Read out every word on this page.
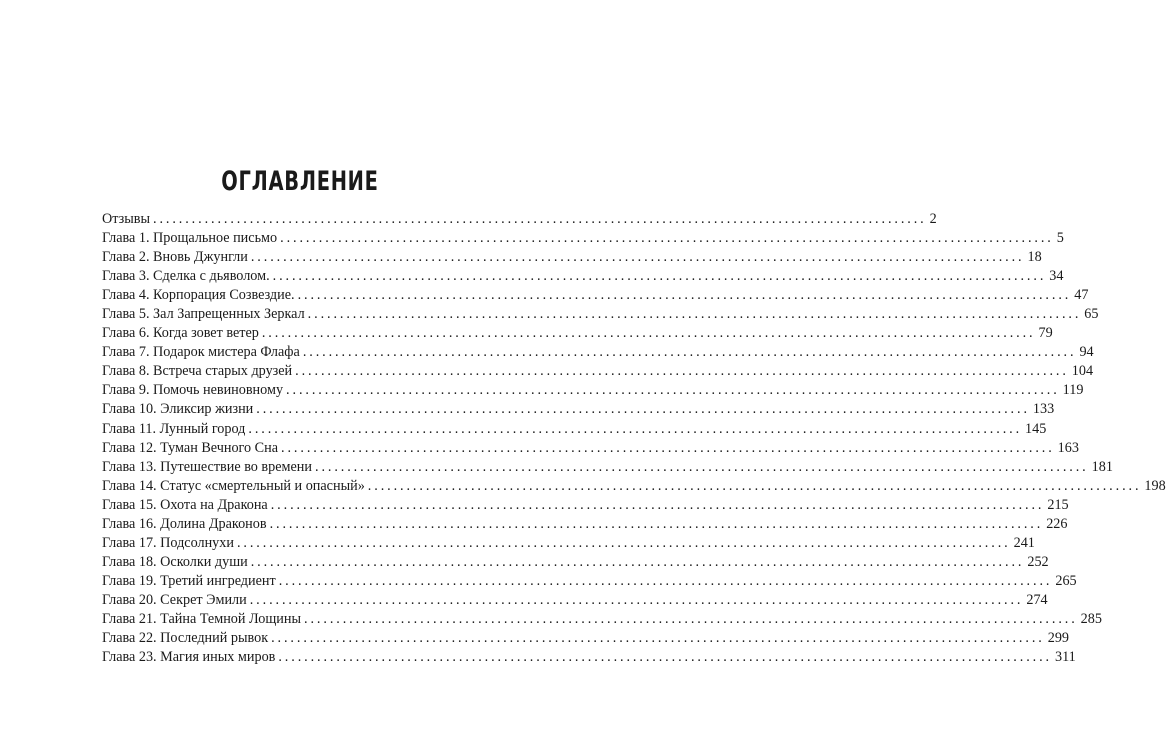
ОГЛАВЛЕНИЕ
Отзывы ........................................................................................................................ 2
Глава 1. Прощальное письмо ........................................................................................................................ 5
Глава 2. Вновь Джунгли ........................................................................................................................ 18
Глава 3. Сделка с дьяволом. ........................................................................................................................ 34
Глава 4. Корпорация Созвездие. ........................................................................................................................ 47
Глава 5. Зал Запрещенных Зеркал ........................................................................................................................ 65
Глава 6. Когда зовет ветер ........................................................................................................................ 79
Глава 7. Подарок мистера Флафа ........................................................................................................................ 94
Глава 8. Встреча старых друзей ........................................................................................................................ 104
Глава 9. Помочь невиновному ........................................................................................................................ 119
Глава 10. Эликсир жизни ........................................................................................................................ 133
Глава 11. Лунный город ........................................................................................................................ 145
Глава 12. Туман Вечного Сна ........................................................................................................................ 163
Глава 13. Путешествие во времени ........................................................................................................................ 181
Глава 14. Статус «смертельный и опасный» ........................................................................................................................ 198
Глава 15. Охота на Дракона ........................................................................................................................ 215
Глава 16. Долина Драконов ........................................................................................................................ 226
Глава 17. Подсолнухи ........................................................................................................................ 241
Глава 18. Осколки души ........................................................................................................................ 252
Глава 19. Третий ингредиент ........................................................................................................................ 265
Глава 20. Секрет Эмили ........................................................................................................................ 274
Глава 21. Тайна Темной Лощины ........................................................................................................................ 285
Глава 22. Последний рывок ........................................................................................................................ 299
Глава 23. Магия иных миров ........................................................................................................................ 311
